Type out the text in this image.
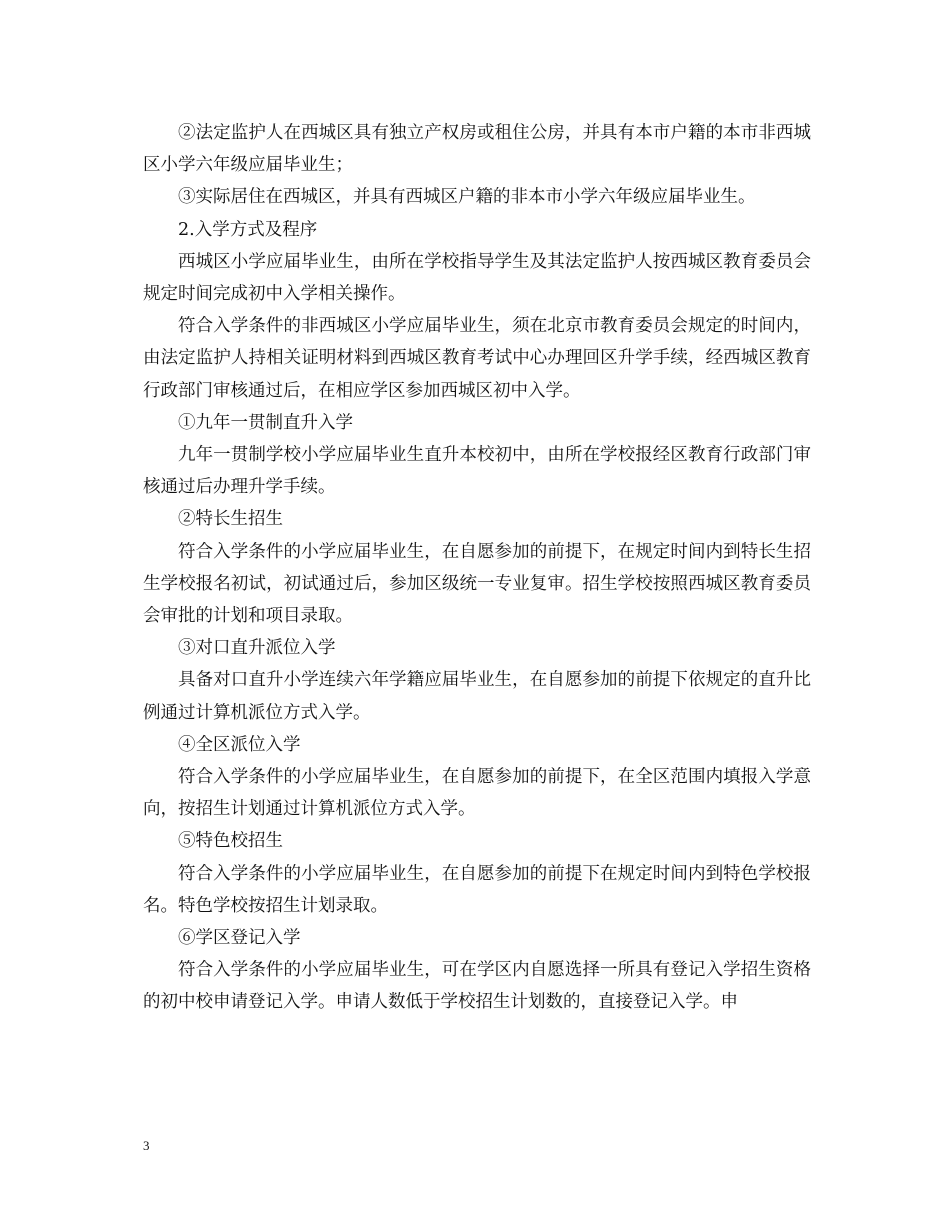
②法定监护人在西城区具有独立产权房或租住公房，并具有本市户籍的本市非西城区小学六年级应届毕业生；

③实际居住在西城区，并具有西城区户籍的非本市小学六年级应届毕业生。

2.入学方式及程序

西城区小学应届毕业生，由所在学校指导学生及其法定监护人按西城区教育委员会规定时间完成初中入学相关操作。

符合入学条件的非西城区小学应届毕业生，须在北京市教育委员会规定的时间内，由法定监护人持相关证明材料到西城区教育考试中心办理回区升学手续，经西城区教育行政部门审核通过后，在相应学区参加西城区初中入学。

①九年一贯制直升入学

九年一贯制学校小学应届毕业生直升本校初中，由所在学校报经区教育行政部门审核通过后办理升学手续。

②特长生招生

符合入学条件的小学应届毕业生，在自愿参加的前提下，在规定时间内到特长生招生学校报名初试，初试通过后，参加区级统一专业复审。招生学校按照西城区教育委员会审批的计划和项目录取。

③对口直升派位入学

具备对口直升小学连续六年学籍应届毕业生，在自愿参加的前提下依规定的直升比例通过计算机派位方式入学。

④全区派位入学

符合入学条件的小学应届毕业生，在自愿参加的前提下，在全区范围内填报入学意向，按招生计划通过计算机派位方式入学。

⑤特色校招生

符合入学条件的小学应届毕业生，在自愿参加的前提下在规定时间内到特色学校报名。特色学校按招生计划录取。

⑥学区登记入学

符合入学条件的小学应届毕业生，可在学区内自愿选择一所具有登记入学招生资格的初中校申请登记入学。申请人数低于学校招生计划数的，直接登记入学。申

3
